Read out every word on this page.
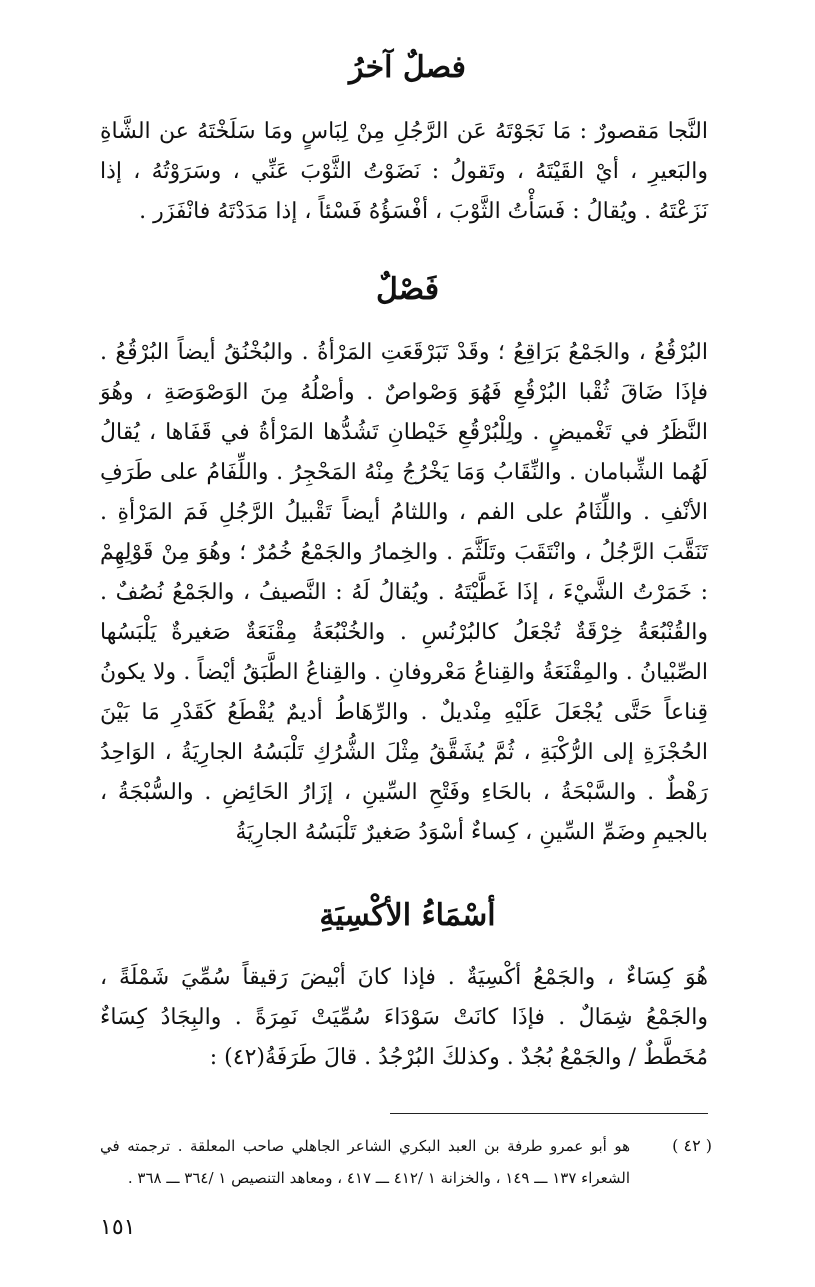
فصلٌ آخرُ

النَّجا مَقصورٌ : مَا نَجَوْتَهُ عَن الرَّجُلِ مِنْ لِبَاسٍ ومَا سَلَخْتَهُ عن الشَّاةِ والبَعيرِ ، أيْ القَيْتَهُ ، وتَقولُ : نَضَوْتُ الثَّوْبَ عَنِّي ، وسَرَوْتُهُ ، إذا نَزَعْتَهُ . ويُقالُ : فَسَأْتُ الثَّوْبَ ، أفْسَؤُهُ فَسْئاً ، إذا مَدَدْتَهُ فانْفَزَر .

فَصْلٌ

البُرْقُعُ ، والجَمْعُ بَرَاقِعُ ؛ وقَدْ تَبَرْقَعَتِ المَرْأةُ . والبُخْنُقُ أيضاً البُرْقُعُ . فإذَا ضَاقَ ثُقْبا البُرْقُعِ فَهُوَ وَصْواصٌ . وأصْلُهُ مِنَ الوَصْوَصَةِ ، وهُوَ النَّظَرُ في تَغْميضٍ . ولِلْبُرْقُعِ خَيْطانِ تَشُدُّها المَرْأةُ في قَفَاها ، يُقالُ لَهُما الشِّبامان . والنِّقَابُ وَمَا يَخْرُجُ مِنْهُ المَحْجِرُ . واللِّفَامُ على طَرَفِ الأنْفِ . واللِّثَامُ على الفم ، واللثامُ أيضاً تَقْبيلُ الرَّجُلِ فَمَ المَرْأةِ . تَنَقَّبَ الرَّجُلُ ، وانْتَقَبَ وتَلَثَّمَ . والخِمارُ والجَمْعُ خُمُرٌ ؛ وهُوَ مِنْ قَوْلِهِمْ : خَمَرْتُ الشَّيْءَ ، إذَا غَطَّيْتَهُ . ويُقالُ لَهُ : النَّصيفُ ، والجَمْعُ نُصُفٌ . والقُنْبُعَةُ خِرْقَةٌ تُجْعَلُ كالبُرْنُسِ . والخُنْبُعَةُ مِقْنَعَةٌ صَغيرةٌ يَلْبَسُها الصِّبْيانُ . والمِقْنَعَةُ والقِناعُ مَعْروفانِ . والقِناعُ الطَّبَقُ أيْضاً . ولا يكونُ قِناعاً حَتَّى يُجْعَلَ عَلَيْهِ مِنْديلٌ . والرِّهَاطُ أديمٌ يُقْطَعُ كَقَدْرِ مَا بَيْنَ الحُجْزَةِ إلى الرُّكْبَةِ ، ثُمَّ يُشَقَّقُ مِثْلَ الشُّرُكِ تَلْبَسُهُ الجارِيَةُ ، الوَاحِدُ رَهْطٌ . والسَّبْحَةُ ، بالحَاءِ وفَتْحِ السِّينِ ، إزَارُ الحَائِضِ . والسُّبْجَةُ ، بالجيمِ وضَمِّ السِّينِ ، كِساءٌ أسْوَدُ صَغيرٌ تَلْبَسُهُ الجارِيَةُ

أسْمَاءُ الأكْسِيَةِ

هُوَ كِسَاءٌ ، والجَمْعُ أكْسِيَةٌ . فإذا كانَ أبْيضَ رَقيقاً سُمِّيَ شَمْلَةً ، والجَمْعُ شِمَالٌ . فإذَا كانَتْ سَوْدَاءَ سُمِّيَتْ نَمِرَةً . والبِجَادُ كِسَاءٌ مُخَطَّطٌ / والجَمْعُ بُجُدٌ . وكذلكَ البُرْجُدُ . قالَ طَرَفَةُ(٤٢) :

( ٤٢ )

هو أبو عمرو طرفة بن العبد البكري الشاعر الجاهلي صاحب المعلقة . ترجمته في الشعراء ١٣٧ ـــ ١٤٩ ، والخزانة ١ /٤١٢ ـــ ٤١٧ ، ومعاهد التنصيص ١ /٣٦٤ ـــ ٣٦٨ .

١٥١
